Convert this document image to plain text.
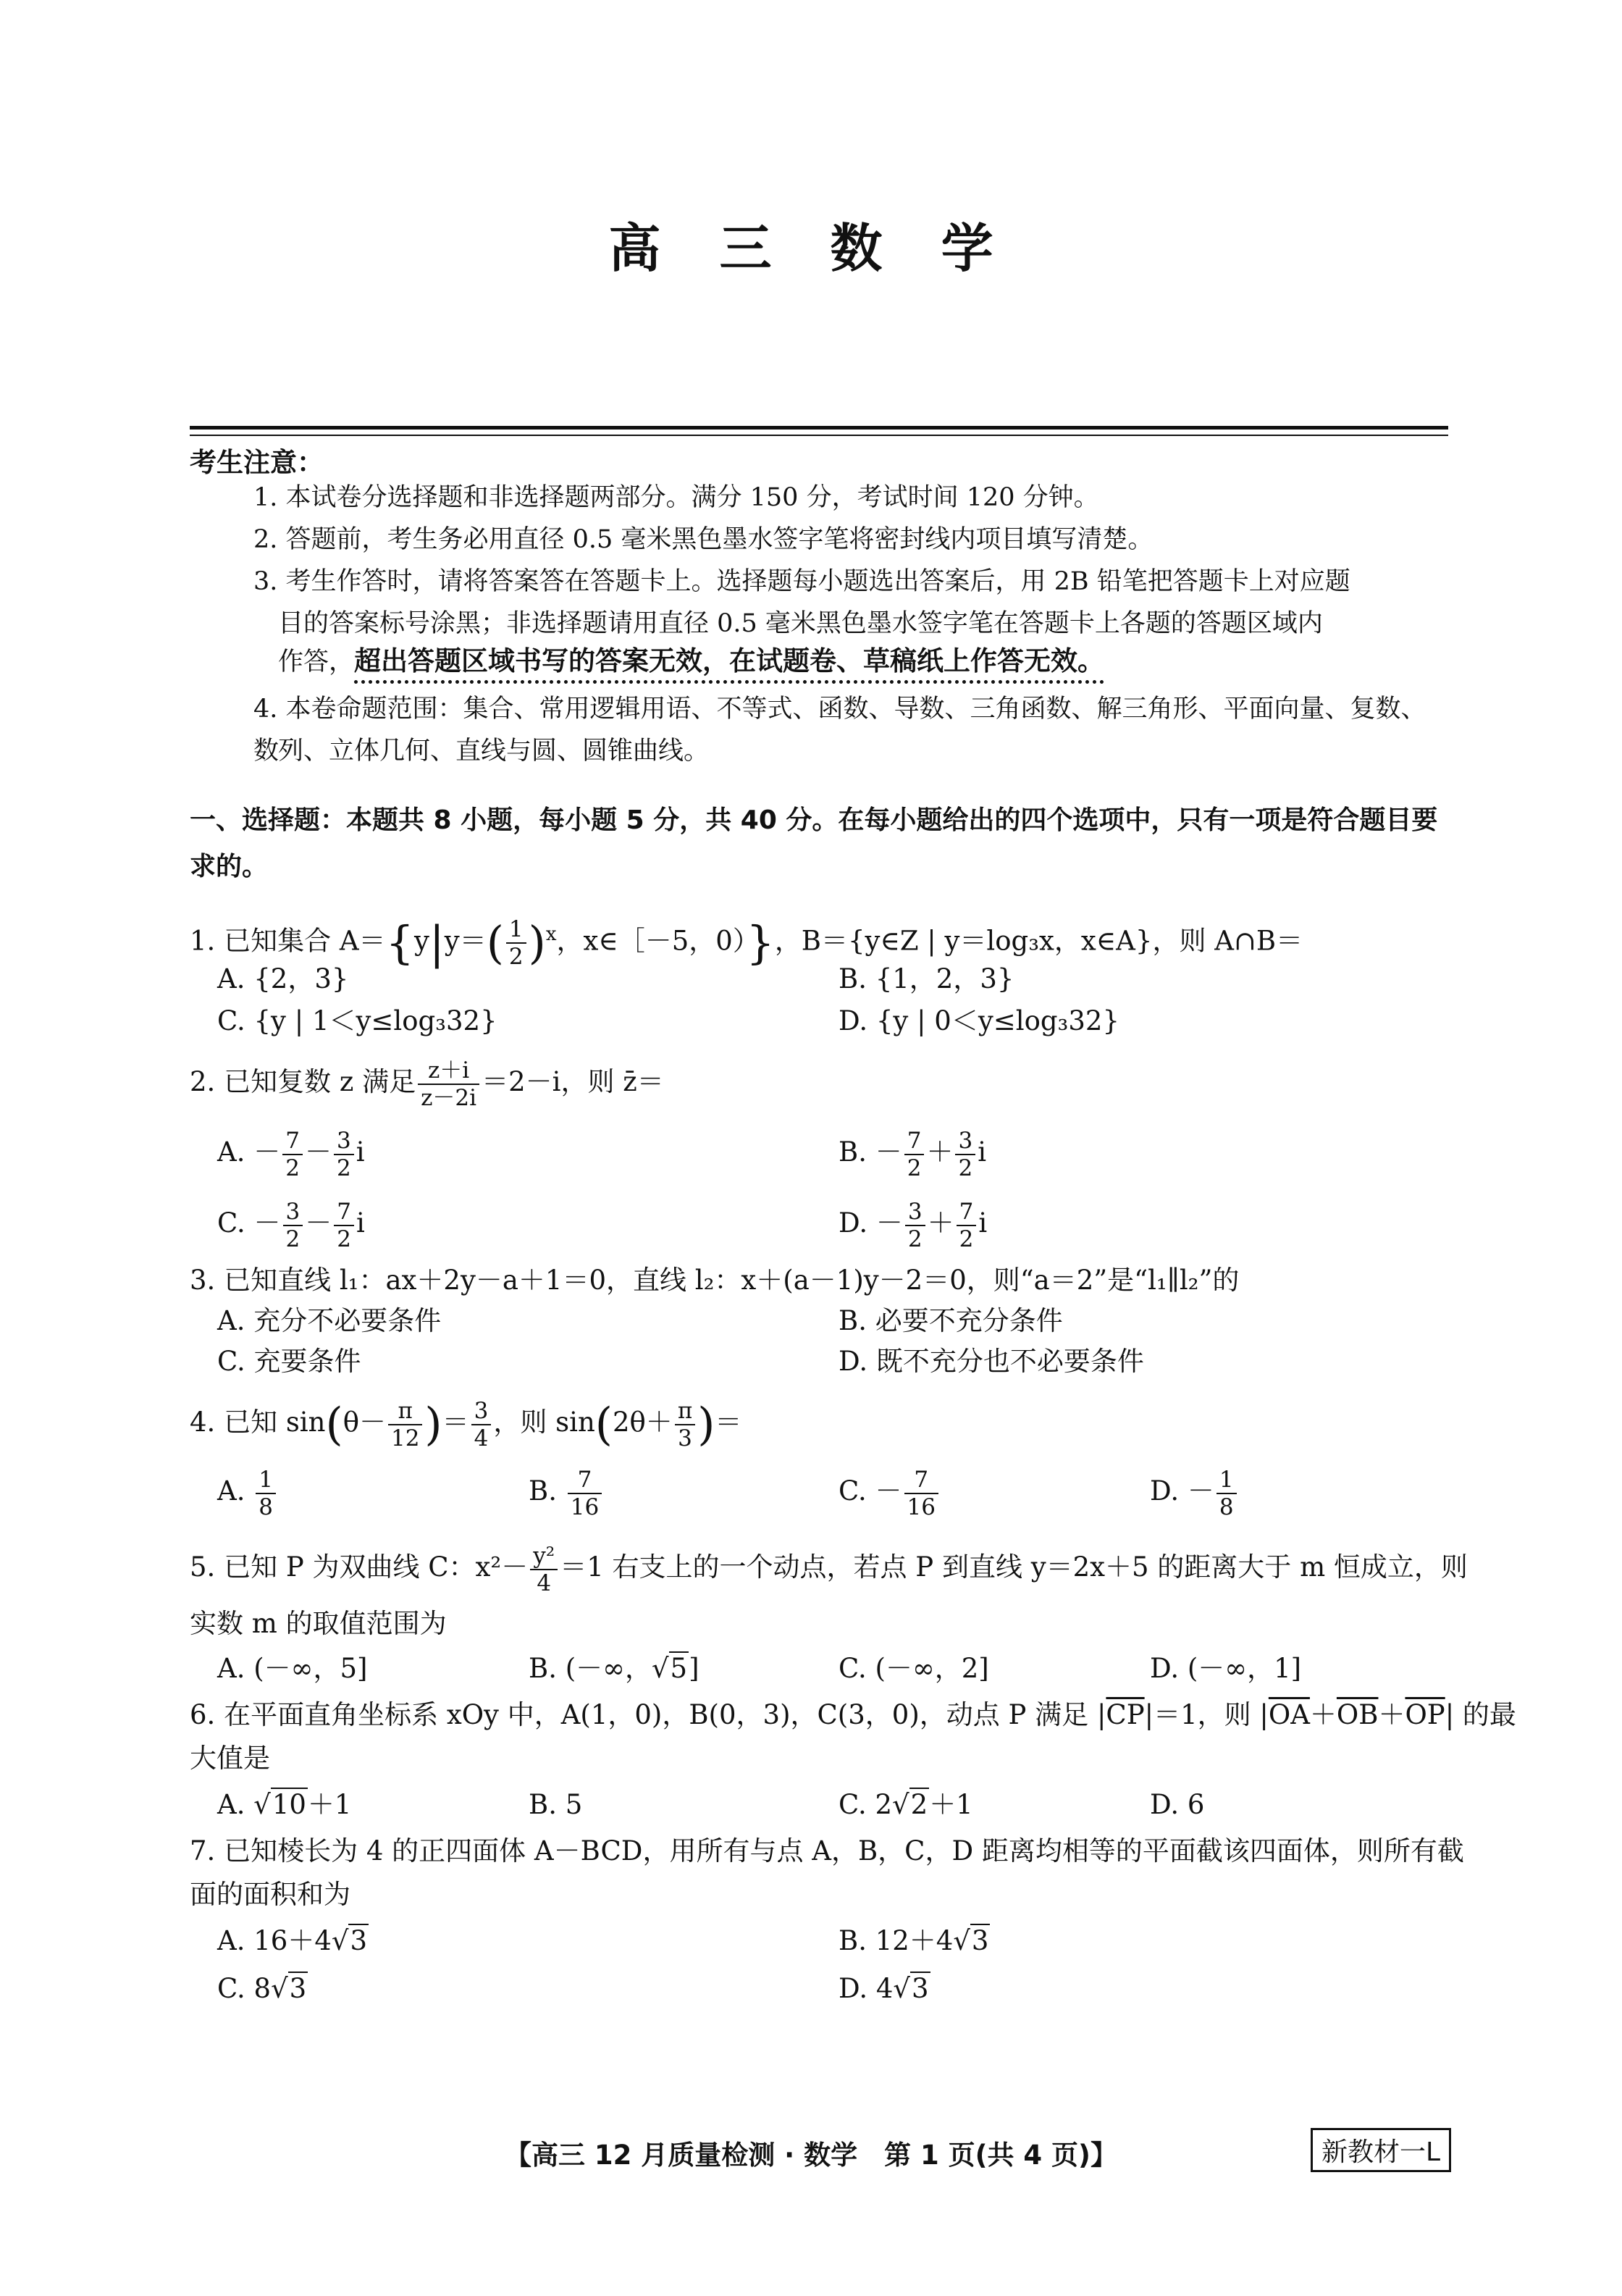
高 三 数 学
考生注意：
1. 本试卷分选择题和非选择题两部分。满分 150 分，考试时间 120 分钟。
2. 答题前，考生务必用直径 0.5 毫米黑色墨水签字笔将密封线内项目填写清楚。
3. 考生作答时，请将答案答在答题卡上。选择题每小题选出答案后，用 2B 铅笔把答题卡上对应题
目的答案标号涂黑；非选择题请用直径 0.5 毫米黑色墨水签字笔在答题卡上各题的答题区域内
作答，超出答题区域书写的答案无效，在试题卷、草稿纸上作答无效。
4. 本卷命题范围：集合、常用逻辑用语、不等式、函数、导数、三角函数、解三角形、平面向量、复数、数
列、立体几何、直线与圆、圆锥曲线。
一、选择题：本题共 8 小题，每小题 5 分，共 40 分。在每小题给出的四个选项中，只有一项是符合题目要
求的。
1. 已知集合 $A=\{y|y=( \frac{1}{2} )^x$，x∈［－5，0）}，B＝{y∈Z | y＝log₃x，x∈A}，则 A∩B＝
A. {2，3}	B. {1，2，3}
C. {y | 1＜y≤log₃32}	D. {y | 0＜y≤log₃32}
2. 已知复数 z 满足 $\frac{z+i}{z-2i} =2-i$，则 z̄＝
A. － $\frac{7}{2} - \frac{3}{2}$ i	B. － $\frac{7}{2} + \frac{3}{2}$ i
C. － $\frac{3}{2} - \frac{7}{2}$ i	D. － $\frac{3}{2} + \frac{7}{2}$ i
3. 已知直线 l₁：ax＋2y－a＋1＝0，直线 l₂：x＋(a－1)y－2＝0，则“a＝2”是“l₁∥l₂”的
A. 充分不必要条件	B. 必要不充分条件
C. 充要条件	D. 既不充分也不必要条件
4. 已知 $\sin(\theta- \frac{\pi}{12}$ )＝ $\frac{3}{4}$ ，则 $\sin(2\theta+ \frac{\pi}{3}$ )＝
A. $\frac{1}{8}$	B. $\frac{7}{16}$	C. － $\frac{7}{16}$	D. － $\frac{1}{8}$
5. 已知 P 为双曲线 C：$x^2- \frac{\text{y²}}{4} =1$ 右支上的一个动点，若点 P 到直线 y＝2x＋5 的距离大于 m 恒成立，则
实数 m 的取值范围为
A. (－∞，5]	B. (－∞，√5]	C. (－∞，2]	D. (－∞，1]
6. 在平面直角坐标系 xOy 中，A(1，0)，B(0，3)，C(3，0)，动点 P 满足 $|\overline{CP}|=1$，则 $|\overline{OA}+\overline{OB}+\overline{OP}|$ 的最
大值是
A. √10＋1	B. 5	C. 2√2＋1	D. 6
7. 已知棱长为 4 的正四面体 A－BCD，用所有与点 A，B，C，D 距离均相等的平面截该四面体，则所有截
面的面积和为
A. 16＋4√3	B. 12＋4√3
C. 8√3	D. 4√3
【高三 12 月质量检测 · 数学　第 1 页(共 4 页)】	新教材一L
